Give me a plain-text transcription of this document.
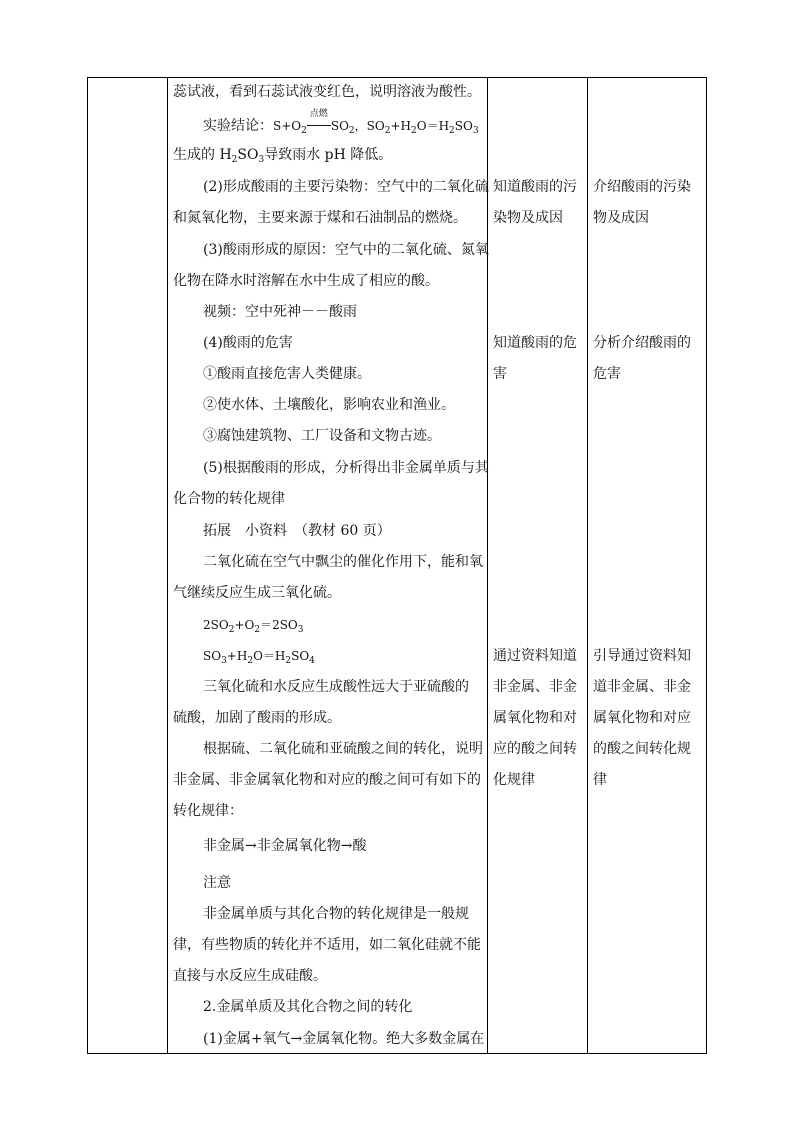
蕊试液，看到石蕊试液变红色，说明溶液为酸性。
实验结论：$S+O_2$
点燃
$SO_2$，$SO_2+H_2O=H_2SO_3$
生成的 $H_2SO_3$导致雨水 pH 降低。
(2)形成酸雨的主要污染物：空气中的二氧化硫
和氮氧化物，主要来源于煤和石油制品的燃烧。
(3)酸雨形成的原因：空气中的二氧化硫、氮氧
化物在降水时溶解在水中生成了相应的酸。
视频：空中死神－－酸雨
(4)酸雨的危害
①酸雨直接危害人类健康。
②使水体、土壤酸化，影响农业和渔业。
③腐蚀建筑物、工厂设备和文物古迹。
(5)根据酸雨的形成，分析得出非金属单质与其
化合物的转化规律
拓展　小资料　（教材 60 页）
二氧化硫在空气中飘尘的催化作用下，能和氧
气继续反应生成三氧化硫。
$2SO_2+O_2=2SO_3$
$SO_3+H_2O=H_2SO_4$
三氧化硫和水反应生成酸性远大于亚硫酸的
硫酸，加剧了酸雨的形成。
根据硫、二氧化硫和亚硫酸之间的转化，说明
非金属、非金属氧化物和对应的酸之间可有如下的
转化规律：
非金属→非金属氧化物→酸
注意
非金属单质与其化合物的转化规律是一般规
律，有些物质的转化并不适用，如二氧化硅就不能
直接与水反应生成硅酸。
2.金属单质及其化合物之间的转化
(1)金属+氧气→金属氧化物。绝大多数金属在
知道酸雨的污
染物及成因
知道酸雨的危
害
通过资料知道
非金属、非金
属氧化物和对
应的酸之间转
化规律
介绍酸雨的污染
物及成因
分析介绍酸雨的
危害
引导通过资料知
道非金属、非金
属氧化物和对应
的酸之间转化规
律
